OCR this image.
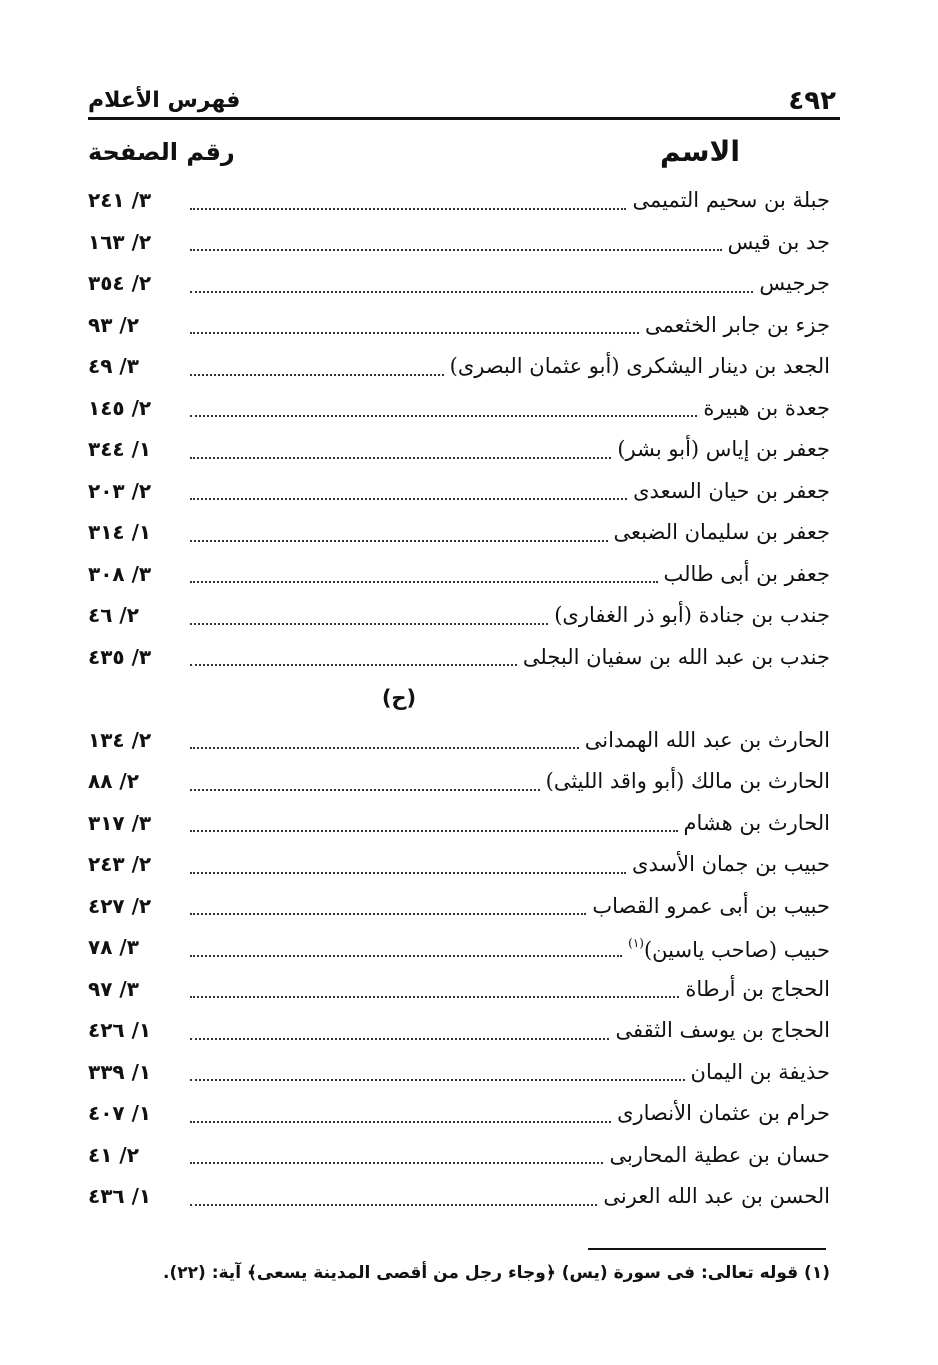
٤٩٢
فهرس الأعلام
الاسم
رقم الصفحة
جبلة بن سحيم التميمى
٣/ ٢٤١
جد بن قيس
٢/ ١٦٣
جرجيس
٢/ ٣٥٤
جزء بن جابر الخثعمى
٢/ ٩٣
الجعد بن دينار اليشكرى (أبو عثمان البصرى)
٣/ ٤٩
جعدة بن هبيرة
٢/ ١٤٥
جعفر بن إياس (أبو بشر)
١/ ٣٤٤
جعفر بن حيان السعدى
٢/ ٢٠٣
جعفر بن سليمان الضبعى
١/ ٣١٤
جعفر بن أبى طالب
٣/ ٣٠٨
جندب بن جنادة (أبو ذر الغفارى)
٢/ ٤٦
جندب بن عبد الله بن سفيان البجلى
٣/ ٤٣٥
(ح)
الحارث بن عبد الله الهمدانى
٢/ ١٣٤
الحارث بن مالك (أبو واقد الليثى)
٢/ ٨٨
الحارث بن هشام
٣/ ٣١٧
حبيب بن جمان الأسدى
٢/ ٢٤٣
حبيب بن أبى عمرو القصاب
٢/ ٤٢٧
حبيب (صاحب ياسين)$^{(١)}$
٣/ ٧٨
الحجاج بن أرطاة
٣/ ٩٧
الحجاج بن يوسف الثقفى
١/ ٤٢٦
حذيفة بن اليمان
١/ ٣٣٩
حرام بن عثمان الأنصارى
١/ ٤٠٧
حسان بن عطية المحاربى
٢/ ٤١
الحسن بن عبد الله العرنى
١/ ٤٣٦
(١) قوله تعالى: فى سورة (يس) ﴿وجاء رجل من أقصى المدينة يسعى﴾ آية: (٢٢).
